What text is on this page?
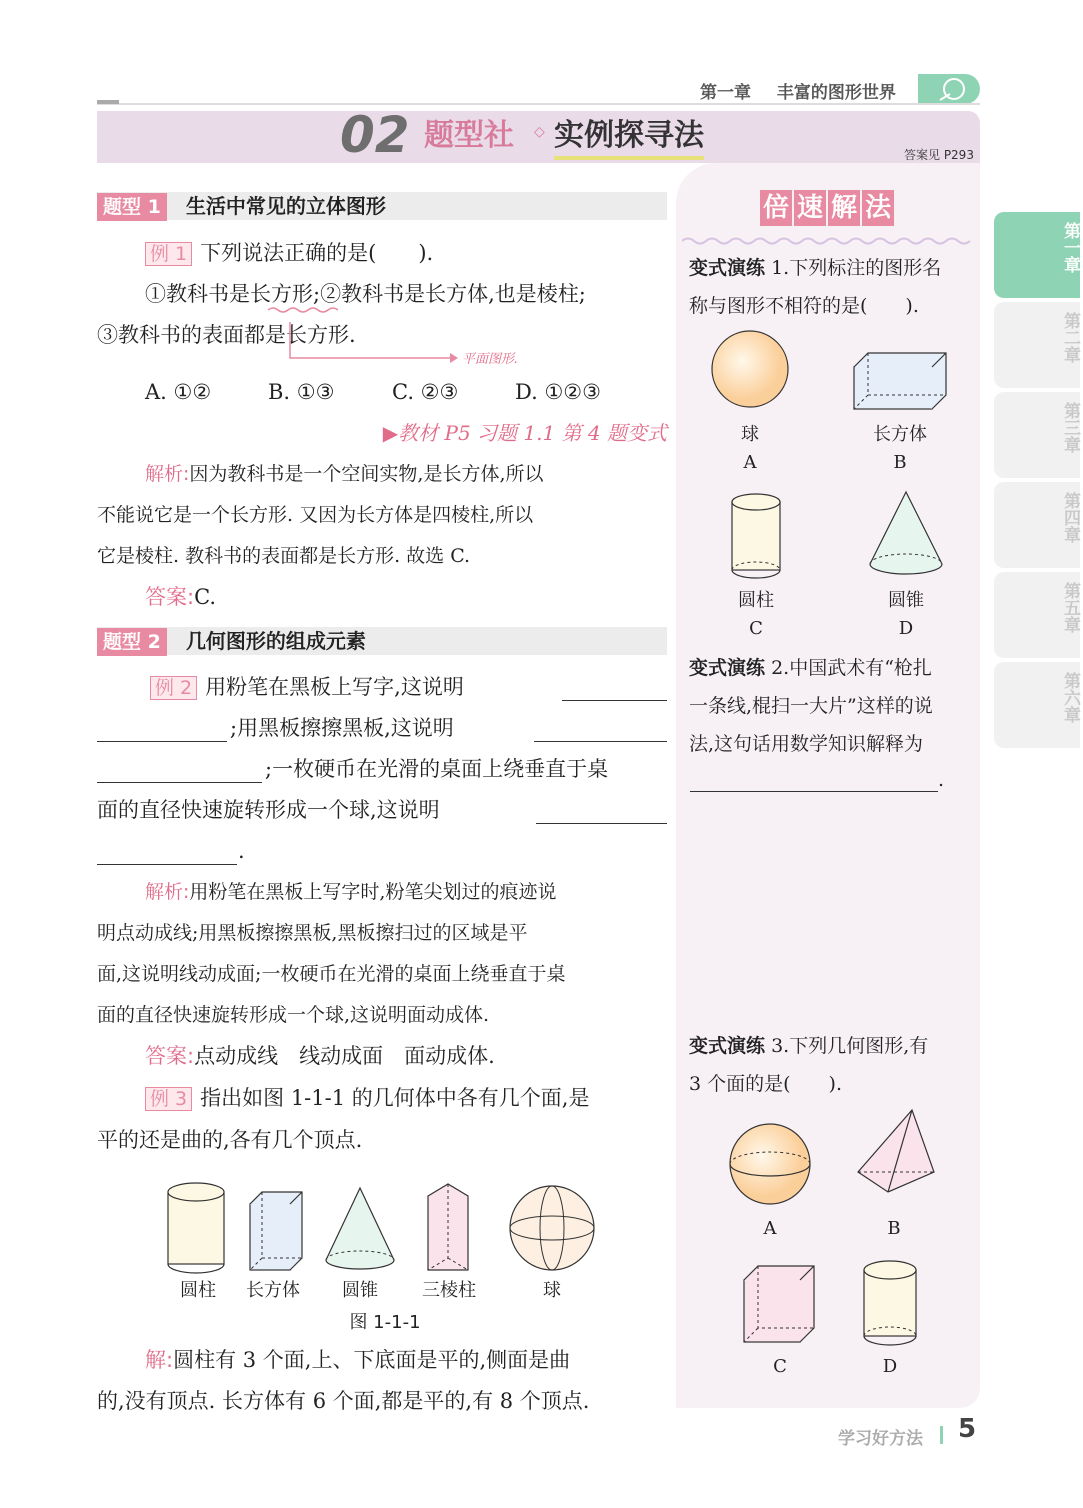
第一章 丰富的图形世界
02 题型社 ◇ 实例探寻法
答案见 P293
第一章
第二章
第三章
第四章
第五章
第六章
题型 1 生活中常见的立体图形
例 1 下列说法正确的是(　　).
①教科书是长方形;②教科书是长方体,也是棱柱;
③教科书的表面都是长方形.
平面图形.
A. ①②	B. ①③	C. ②③	D. ①②③
▶教材 P5 习题 1.1 第 4 题变式
解析:因为教科书是一个空间实物,是长方体,所以
不能说它是一个长方形. 又因为长方体是四棱柱,所以
它是棱柱. 教科书的表面都是长方形. 故选 C.
答案:C.
题型 2 几何图形的组成元素
例 2 用粉笔在黑板上写字,这说明
;用黑板擦擦黑板,这说明
;一枚硬币在光滑的桌面上绕垂直于桌
面的直径快速旋转形成一个球,这说明
.
解析:用粉笔在黑板上写字时,粉笔尖划过的痕迹说
明点动成线;用黑板擦擦黑板,黑板擦扫过的区域是平
面,这说明线动成面;一枚硬币在光滑的桌面上绕垂直于桌
面的直径快速旋转形成一个球,这说明面动成体.
答案:点动成线　线动成面　面动成体.
例 3 指出如图 1-1-1 的几何体中各有几个面,是
平的还是曲的,各有几个顶点.
圆柱	长方体	圆锥	三棱柱	球
图 1-1-1
解:圆柱有 3 个面,上、下底面是平的,侧面是曲
的,没有顶点. 长方体有 6 个面,都是平的,有 8 个顶点.
倍 速 解 法
变式演练 1.下列标注的图形名
称与图形不相符的是(　　).
球
A
长方体
B
圆柱
C
圆锥
D
变式演练 2.中国武术有“枪扎
一条线,棍扫一大片”这样的说
法,这句话用数学知识解释为
.
变式演练 3.下列几何图形,有
3 个面的是(　　).
A	B
C	D
学习好方法 5
